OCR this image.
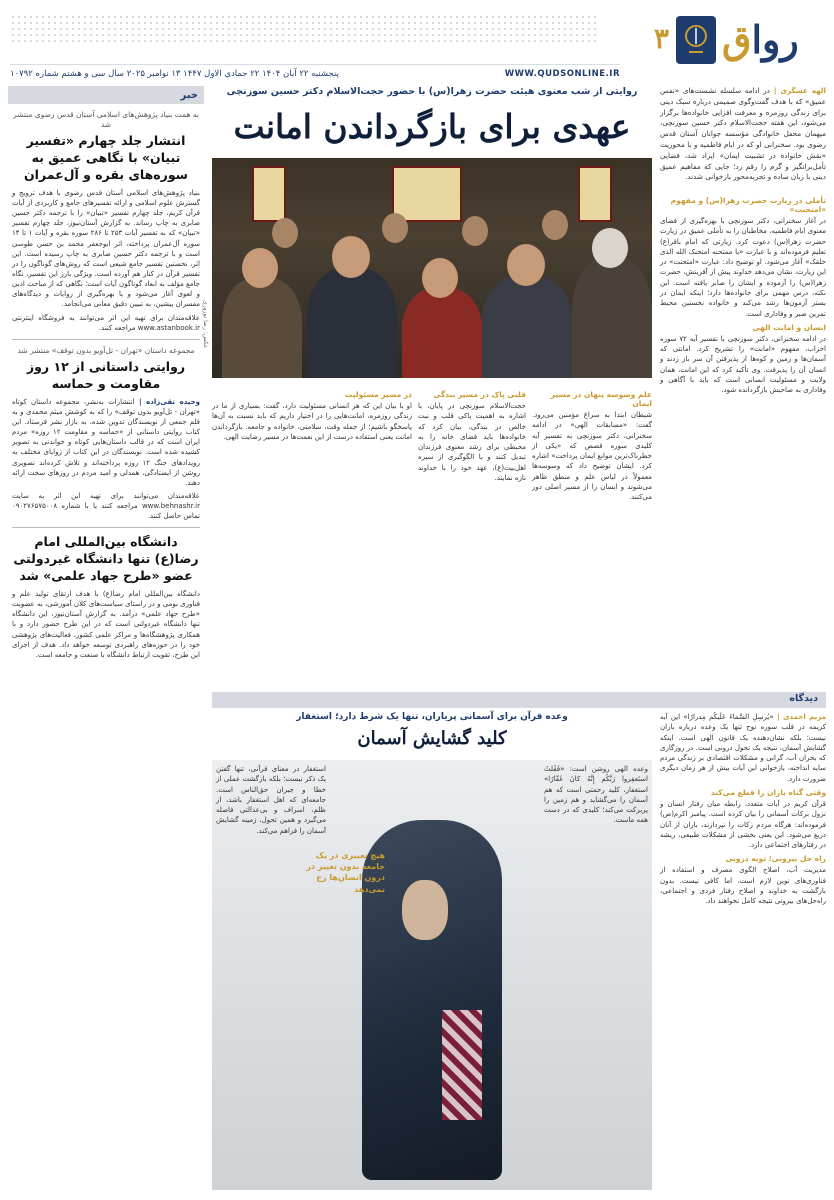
۳	رواق
WWW.QUDSONLINE.IR
پنجشنبه ۲۲ آبان ۱۴۰۴ ۲۲ جمادی الاول ۱۴۴۷ ۱۳ نوامبر ۲۰۲۵ سال سی و هشتم شماره ۱۰۷۹۲
خبر
به همت بنیاد پژوهش‌های اسلامی آستان قدس رضوی منتشر شد
انتشار جلد چهارم «تفسیر تبیان» با نگاهی عمیق به سوره‌های بقره و آل‌عمران
بنیاد پژوهش‌های اسلامی آستان قدس رضوی با هدف ترویج و گسترش علوم اسلامی و ارائه تفسیرهای جامع و کاربردی از آیات قرآن کریم، جلد چهارم تفسیر «تبیان» را با ترجمه دکتر حسین صابری به چاپ رساند. به گزارش آستان‌نیوز، جلد چهارم تفسیر «تبیان» که به تفسیر آیات ۲۵۳ تا ۲۸۶ سوره بقره و آیات ۱ تا ۱۴ سوره آل‌عمران پرداخته، اثر ابوجعفر محمد بن حسن طوسی است و با ترجمه دکتر حسین صابری به چاپ رسیده است. این اثر، نخستین تفسیر جامع شیعی است که روش‌های گوناگون را در تفسیر قرآن در کنار هم آورده است. ویژگی بارز این تفسیر، نگاه جامع مؤلف به ابعاد گوناگون آیات است؛ نگاهی که از مباحث ادبی و لغوی آغاز می‌شود و با بهره‌گیری از روایات و دیدگاه‌های مفسران پیشین، به تبیین دقیق معانی می‌انجامد.
علاقه‌مندان برای تهیه این اثر می‌توانند به فروشگاه اینترنتی www.astanbook.ir مراجعه کنند.
مجموعه داستان «تهران - تل‌آویو بدون توقف» منتشر شد
روایتی داستانی از ۱۲ روز مقاومت و حماسه
وحیده تقی‌زاده | انتشارات به‌نشر، مجموعه داستان کوتاه «تهران - تل‌آویو بدون توقف» را که به کوشش میثم محمدی و به قلم جمعی از نویسندگان تدوین شده، به بازار نشر فرستاد. این کتاب روایتی داستانی از «حماسه و مقاومت ۱۲ روزه» مردم ایران است که در قالب داستان‌هایی کوتاه و خواندنی به تصویر کشیده شده است. نویسندگان در این کتاب از زوایای مختلف به رویدادهای جنگ ۱۲ روزه پرداخته‌اند و تلاش کرده‌اند تصویری روشن از ایستادگی، همدلی و امید مردم در روزهای سخت ارائه دهند.
علاقه‌مندان می‌توانند برای تهیه این اثر به سایت www.behnashr.ir مراجعه کنند یا با شماره ۰۹۰۲۷۶۵۷۵۰۰۸ تماس حاصل کنند.
دانشگاه بین‌المللی امام رضا(ع) تنها دانشگاه غیردولتی عضو «طرح جهاد علمی» شد
دانشگاه بین‌المللی امام رضا(ع) با هدف ارتقای تولید علم و فناوری بومی و در راستای سیاست‌های کلان آموزشی، به عضویت «طرح جهاد علمی» درآمد. به گزارش آستان‌نیوز، این دانشگاه تنها دانشگاه غیردولتی است که در این طرح حضور دارد و با همکاری پژوهشگاه‌ها و مراکز علمی کشور، فعالیت‌های پژوهشی خود را در حوزه‌های راهبردی توسعه خواهد داد. هدف از اجرای این طرح، تقویت ارتباط دانشگاه با صنعت و جامعه است.
روایتی از شب معنوی هیئت حضرت زهرا(س) با حضور حجت‌الاسلام دکتر حسین سوزنچی
عهدی برای بازگرداندن امانت
الهه عسگری | در ادامه سلسله نشست‌های «نفس عمیق» که با هدف گفت‌وگوی صمیمی درباره سبک دینی برای زندگی روزمره و معرفت افزایی خانواده‌ها برگزار می‌شود، این هفته حجت‌الاسلام دکتر حسین سوزنچی، میهمان محفل خانوادگی مؤسسه جوانان آستان قدس رضوی بود. سخنرانی او که در ایام فاطمیه و با محوریت «نقش خانواده در تشبیت ایمان» ایراد شد، فضایی تأمل‌برانگیز و گرم را رقم زد؛ جایی که مفاهیم عمیق دینی با زبان ساده و تجربه‌محور بازخوانی شدند.
عکس: رضا نوروزی
تأملی در زیارت حضرت زهرا(س) و مفهوم «امتحنت»
در آغاز سخنرانی، دکتر سوزنچی با بهره‌گیری از فضای معنوی ایام فاطمیه، مخاطبان را به تأملی عمیق در زیارت حضرت زهرا(س) دعوت کرد. زیارتی که امام باقر(ع) تعلیم فرموده‌اند و با عبارت «یا ممتحنه امتحنک الله الذی خلقک» آغاز می‌شود. او توضیح داد: عبارت «امتحنت» در این زیارت، نشان می‌دهد خداوند پیش از آفرینش، حضرت زهرا(س) را آزموده و ایشان را صابر یافته است. این نکته، درس مهمی برای خانواده‌ها دارد؛ اینکه ایمان در بستر آزمون‌ها رشد می‌کند و خانواده نخستین محیط تمرین صبر و وفاداری است.
انسان و امانت الهی
در ادامه سخنرانی، دکتر سوزنچی با تفسیر آیه ۷۲ سوره احزاب، مفهوم «امانت» را تشریح کرد. امانتی که آسمان‌ها و زمین و کوه‌ها از پذیرفتن آن سر باز زدند و انسان آن را پذیرفت. وی تأکید کرد که این امانت، همان ولایت و مسئولیت انسانی است که باید با آگاهی و وفاداری به صاحبش بازگردانده شود.
علم وسوسه پنهان در مسیر ایمان
شیطان ابتدا به سراغ مؤمنین می‌رود. گفت: «مسابقات الهی» در ادامه سخنرانی، دکتر سوزنچی به تفسیر آیه کلیدی سوره قصص که «یکی از خطرناک‌ترین موانع ایمان پرداخت» اشاره کرد. ایشان توضیح داد که وسوسه‌ها معمولاً در لباس علم و منطق ظاهر می‌شوند و انسان را از مسیر اصلی دور می‌کنند.
قلبی پاک در مسیر بندگی
حجت‌الاسلام سوزنچی در پایان، با اشاره به اهمیت پاکی قلب و نیت خالص در بندگی، بیان کرد که خانواده‌ها باید فضای خانه را به محیطی برای رشد معنوی فرزندان تبدیل کنند و با الگوگیری از سیره اهل‌بیت(ع)، عهد خود را با خداوند تازه نمایند.
در مسیر مسئولیت
او با بیان این که هر انسانی مسئولیت دارد، گفت: بسیاری از ما در زندگی روزمره، امانت‌هایی را در اختیار داریم که باید نسبت به آن‌ها پاسخگو باشیم؛ از جمله وقت، سلامتی، خانواده و جامعه. بازگرداندن امانت یعنی استفاده درست از این نعمت‌ها در مسیر رضایت الهی.
دیدگاه
وعده قرآن برای آسمانی پریاران، تنها یک شرط دارد؛ استغفار
کلید گشایش آسمان
مریم احمدی | «یُرسِلِ السَّماءَ عَلَیکُم مِدرارًا» این آیه کریمه در قلب سوره نوح تنها یک وعده درباره باران نیست؛ بلکه نشان‌دهنده یک قانون الهی است. اینکه گشایش آسمان، نتیجه یک تحول درونی است. در روزگاری که بحران آب، گرانی و مشکلات اقتصادی بر زندگی مردم سایه انداخته، بازخوانی این آیات بیش از هر زمان دیگری ضرورت دارد.
وقتی گناه باران را قطع می‌کند
قرآن کریم در آیات متعدد، رابطه میان رفتار انسان و نزول برکات آسمانی را بیان کرده است. پیامبر اکرم(ص) فرموده‌اند: هرگاه مردم زکات را نپردازند، باران از آنان دریغ می‌شود. این یعنی بخشی از مشکلات طبیعی، ریشه در رفتارهای اجتماعی دارد.
راه حل بیرونی؛ توبه درونی
مدیریت آب، اصلاح الگوی مصرف و استفاده از فناوری‌های نوین لازم است، اما کافی نیست. بدون بازگشت به خداوند و اصلاح رفتار فردی و اجتماعی، راه‌حل‌های بیرونی نتیجه کامل نخواهند داد.
استغفار در معنای قرآنی، تنها گفتن یک ذکر نیست؛ بلکه بازگشت عملی از خطا و جبران حق‌الناس است. جامعه‌ای که اهل استغفار باشد، از ظلم، اسراف و بی‌عدالتی فاصله می‌گیرد و همین تحول، زمینه گشایش آسمان را فراهم می‌کند.
وعده الهی روشن است: «فَقُلتُ استَغفِروا رَبَّکُم إِنَّهُ کانَ غَفّارًا» استغفار، کلید رحمتی است که هم آسمان را می‌گشاید و هم زمین را پربرکت می‌کند؛ کلیدی که در دست همه ماست.
هیچ تغییری در یک جامعه بدون تغییر در درون انسان‌ها رخ نمی‌دهد
